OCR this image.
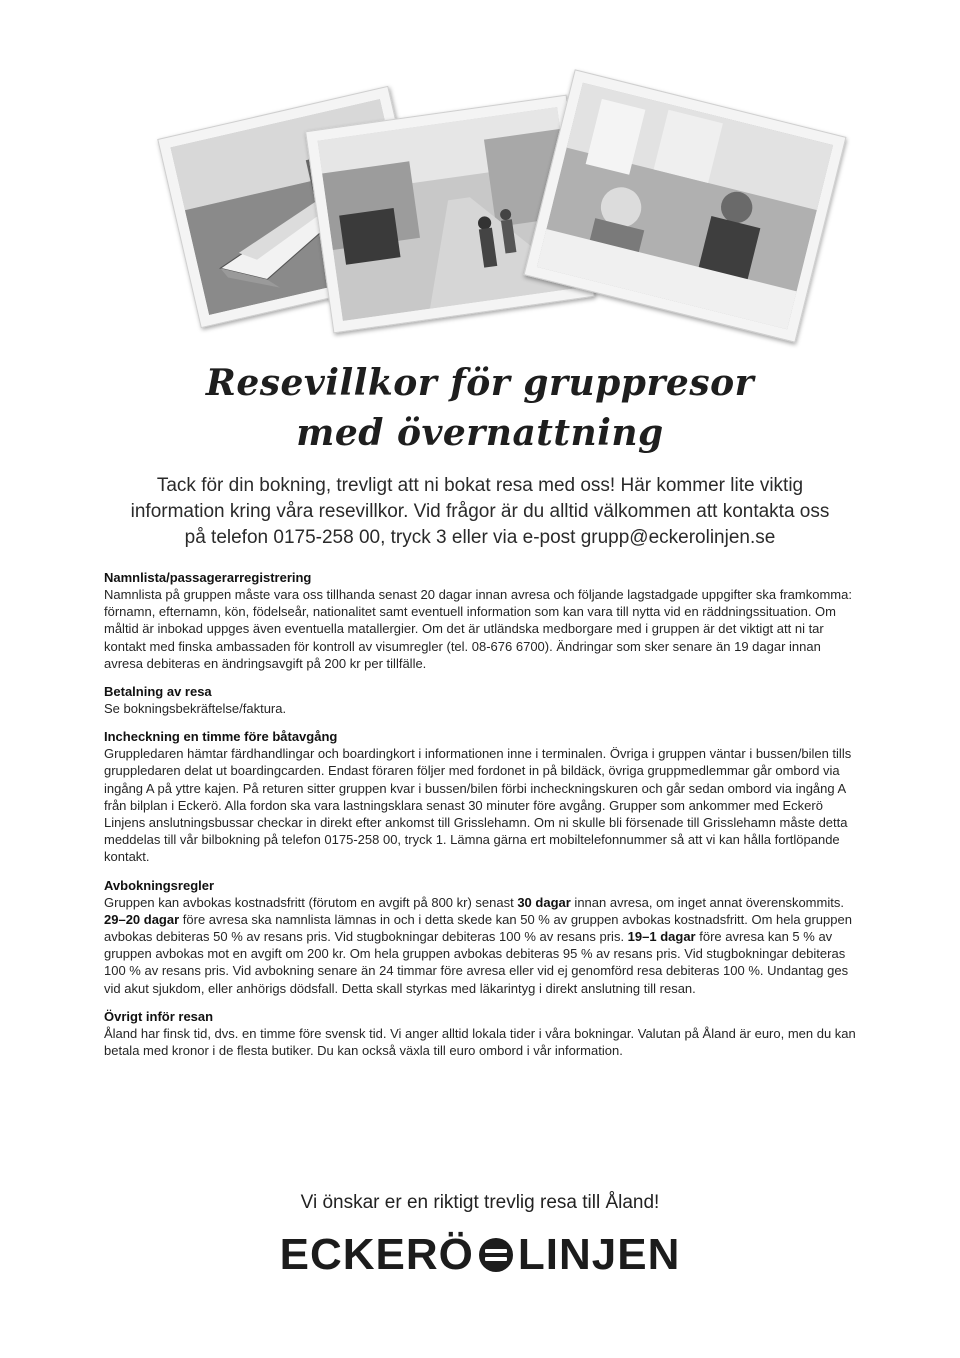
Resevillkor för gruppresor
med övernattning

Tack för din bokning, trevligt att ni bokat resa med oss! Här kommer lite viktig information kring våra resevillkor. Vid frågor är du alltid välkommen att kontakta oss på telefon 0175-258 00, tryck 3 eller via e-post grupp@eckerolinjen.se

Namnlista/passagerarregistrering

Namnlista på gruppen måste vara oss tillhanda senast 20 dagar innan avresa och följande lagstadgade uppgifter ska framkomma: förnamn, efternamn, kön, födelseår, nationalitet samt eventuell information som kan vara till nytta vid en räddningssituation. Om måltid är inbokad uppges även eventuella matallergier. Om det är utländska medborgare med i gruppen är det viktigt att ni tar kontakt med finska ambassaden för kontroll av visumregler (tel. 08-676 6700). Ändringar som sker senare än 19 dagar innan avresa debiteras en ändringsavgift på 200 kr per tillfälle.

Betalning av resa

Se bokningsbekräftelse/faktura.

Incheckning en timme före båtavgång

Gruppledaren hämtar färdhandlingar och boardingkort i informationen inne i terminalen. Övriga i gruppen väntar i bussen/bilen tills gruppledaren delat ut boardingcarden. Endast föraren följer med fordonet in på bildäck, övriga gruppmedlemmar går ombord via ingång A på yttre kajen. På returen sitter gruppen kvar i bussen/bilen förbi incheckningskuren och går sedan ombord via ingång A från bilplan i Eckerö. Alla fordon ska vara lastningsklara senast 30 minuter före avgång. Grupper som ankommer med Eckerö Linjens anslutningsbussar checkar in direkt efter ankomst till Grisslehamn. Om ni skulle bli försenade till Grisslehamn måste detta meddelas till vår bilbokning på telefon 0175-258 00, tryck 1. Lämna gärna ert mobiltelefonnummer så att vi kan hålla fortlöpande kontakt.

Avbokningsregler

Gruppen kan avbokas kostnadsfritt (förutom en avgift på 800 kr) senast 30 dagar innan avresa, om inget annat överenskommits. 29–20 dagar före avresa ska namnlista lämnas in och i detta skede kan 50 % av gruppen avbokas kostnadsfritt. Om hela gruppen avbokas debiteras 50 % av resans pris. Vid stugbokningar debiteras 100 % av resans pris. 19–1 dagar före avresa kan 5 % av gruppen avbokas mot en avgift om 200 kr. Om hela gruppen avbokas debiteras 95 % av resans pris. Vid stugbokningar debiteras 100 % av resans pris. Vid avbokning senare än 24 timmar före avresa eller vid ej genomförd resa debiteras 100 %. Undantag ges vid akut sjukdom, eller anhörigs dödsfall. Detta skall styrkas med läkarintyg i direkt anslutning till resan.

Övrigt inför resan

Åland har finsk tid, dvs. en timme före svensk tid. Vi anger alltid lokala tider i våra bokningar. Valutan på Åland är euro, men du kan betala med kronor i de flesta butiker. Du kan också växla till euro ombord i vår information.

Vi önskar er en riktigt trevlig resa till Åland!

ECKERÖ LINJEN
